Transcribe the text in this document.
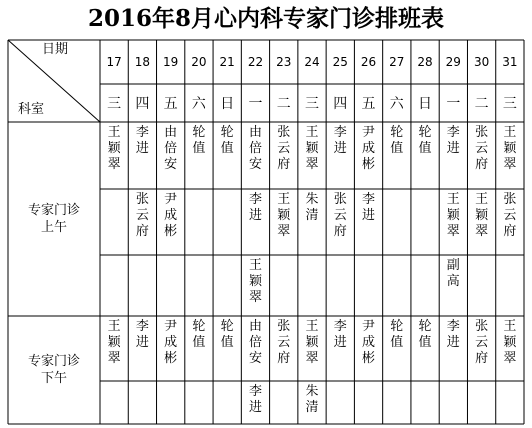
2016年8月心内科专家门诊排班表
日期
科室
17
三
18
四
19
五
20
六
21
日
22
一
23
二
24
三
25
四
26
五
27
六
28
日
29
一
30
二
31
三
专家门诊
上午
专家门诊
下午
王
颖
翠
李
进
由
倍
安
轮
值
轮
值
由
倍
安
张
云
府
王
颖
翠
李
进
尹
成
彬
轮
值
轮
值
李
进
张
云
府
王
颖
翠
张
云
府
尹
成
彬
李
进
王
颖
翠
朱
清
张
云
府
李
进
王
颖
翠
王
颖
翠
张
云
府
王
颖
翠
副
高
王
颖
翠
李
进
尹
成
彬
轮
值
轮
值
由
倍
安
张
云
府
王
颖
翠
李
进
尹
成
彬
轮
值
轮
值
李
进
张
云
府
王
颖
翠
李
进
朱
清
